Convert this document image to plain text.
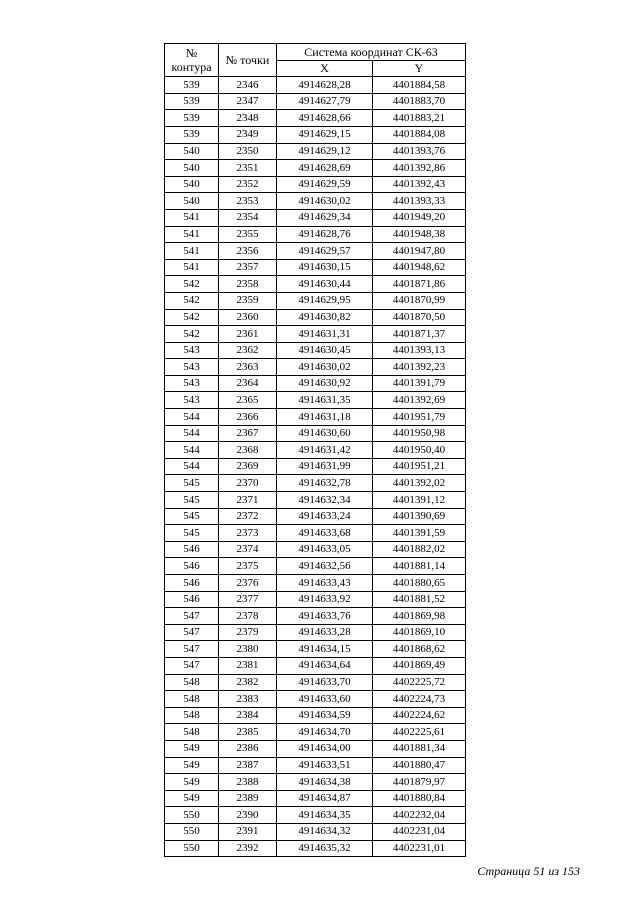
№ контура	№ точки	Система координат СК-63	
		X	Y
539	2346	4914628,28	4401884,58
539	2347	4914627,79	4401883,70
539	2348	4914628,66	4401883,21
539	2349	4914629,15	4401884,08
540	2350	4914629,12	4401393,76
540	2351	4914628,69	4401392,86
540	2352	4914629,59	4401392,43
540	2353	4914630,02	4401393,33
541	2354	4914629,34	4401949,20
541	2355	4914628,76	4401948,38
541	2356	4914629,57	4401947,80
541	2357	4914630,15	4401948,62
542	2358	4914630,44	4401871,86
542	2359	4914629,95	4401870,99
542	2360	4914630,82	4401870,50
542	2361	4914631,31	4401871,37
543	2362	4914630,45	4401393,13
543	2363	4914630,02	4401392,23
543	2364	4914630,92	4401391,79
543	2365	4914631,35	4401392,69
544	2366	4914631,18	4401951,79
544	2367	4914630,60	4401950,98
544	2368	4914631,42	4401950,40
544	2369	4914631,99	4401951,21
545	2370	4914632,78	4401392,02
545	2371	4914632,34	4401391,12
545	2372	4914633,24	4401390,69
545	2373	4914633,68	4401391,59
546	2374	4914633,05	4401882,02
546	2375	4914632,56	4401881,14
546	2376	4914633,43	4401880,65
546	2377	4914633,92	4401881,52
547	2378	4914633,76	4401869,98
547	2379	4914633,28	4401869,10
547	2380	4914634,15	4401868,62
547	2381	4914634,64	4401869,49
548	2382	4914633,70	4402225,72
548	2383	4914633,60	4402224,73
548	2384	4914634,59	4402224,62
548	2385	4914634,70	4402225,61
549	2386	4914634,00	4401881,34
549	2387	4914633,51	4401880,47
549	2388	4914634,38	4401879,97
549	2389	4914634,87	4401880,84
550	2390	4914634,35	4402232,04
550	2391	4914634,32	4402231,04
550	2392	4914635,32	4402231,01
Страница 51 из 153
